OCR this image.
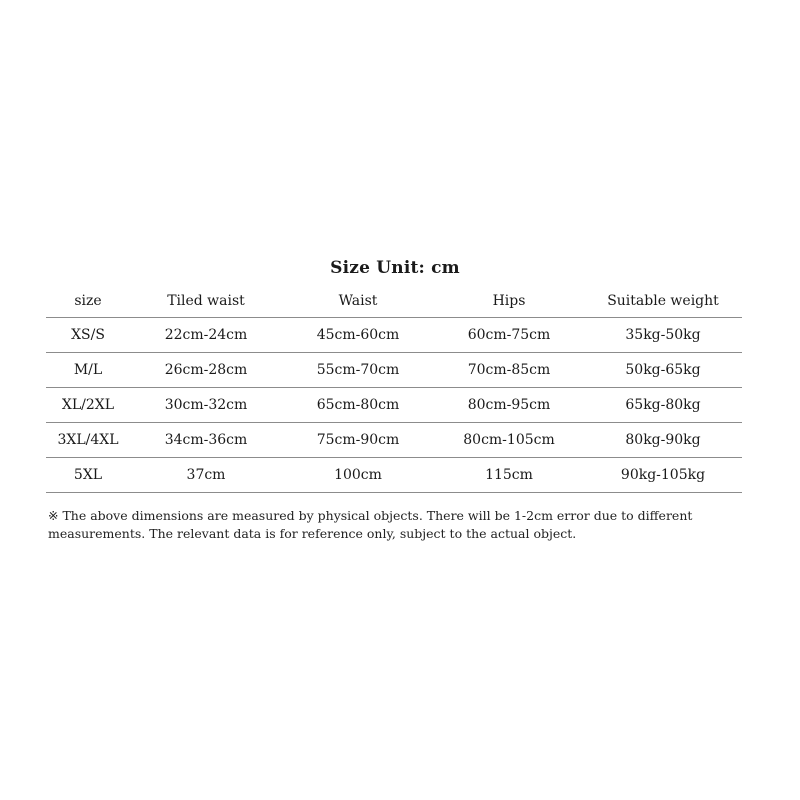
Size Unit: cm
size	Tiled waist	Waist	Hips	Suitable weight
XS/S	22cm-24cm	45cm-60cm	60cm-75cm	35kg-50kg
M/L	26cm-28cm	55cm-70cm	70cm-85cm	50kg-65kg
XL/2XL	30cm-32cm	65cm-80cm	80cm-95cm	65kg-80kg
3XL/4XL	34cm-36cm	75cm-90cm	80cm-105cm	80kg-90kg
5XL	37cm	100cm	115cm	90kg-105kg
※ The above dimensions are measured by physical objects. There will be 1-2cm error due to different
measurements. The relevant data is for reference only, subject to the actual object.
